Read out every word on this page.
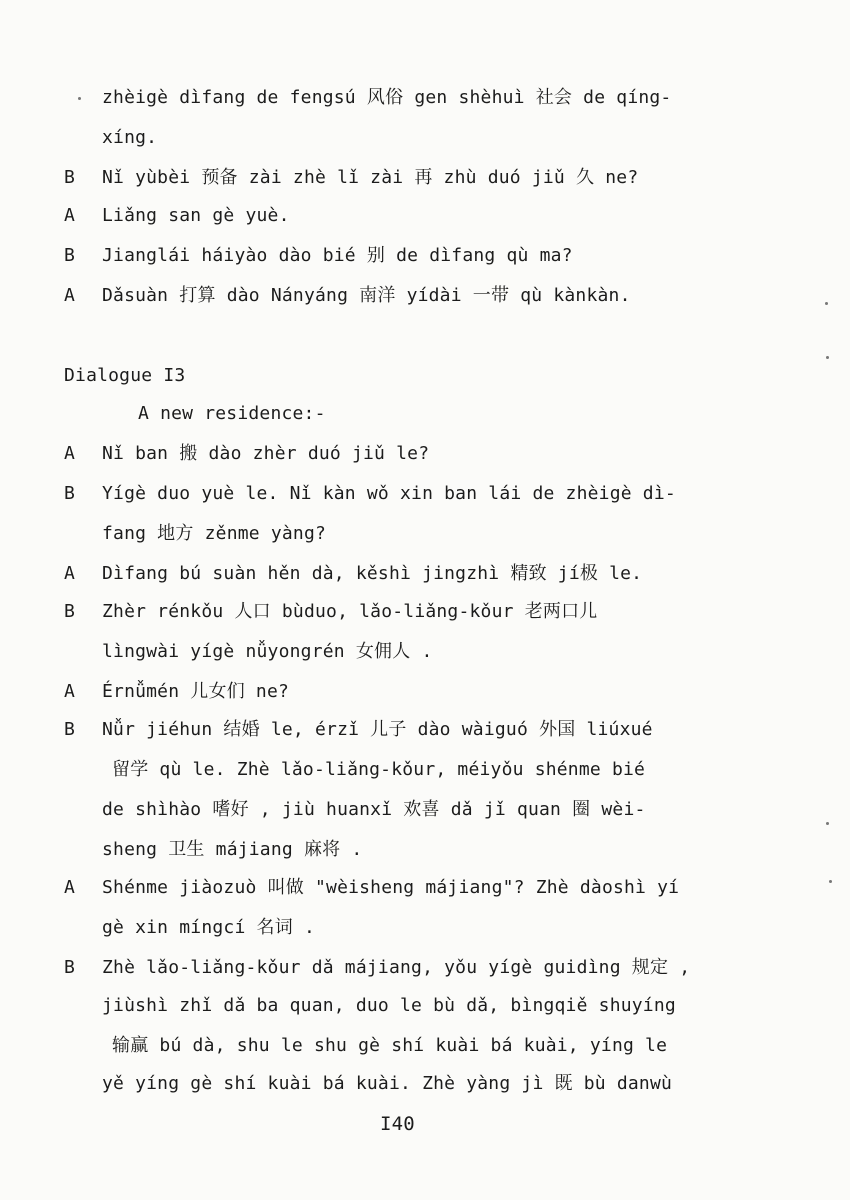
zhèigè dìfang de fengsú 风俗 gen shèhuì 社会 de qíng-
xíng.
B	Nǐ yùbèi 预备 zài zhè lǐ zài 再 zhù duó jiǔ 久 ne?
A	Liǎng san gè yuè.
B	Jianglái háiyào dào bié 别 de dìfang qù ma?
A	Dǎsuàn 打算 dào Nányáng 南洋 yídài 一带 qù kànkàn.
Dialogue I3
A new residence:-
A	Nǐ ban 搬 dào zhèr duó jiǔ le?
B	Yígè duo yuè le. Nǐ kàn wǒ xin ban lái de zhèigè dì-
fang 地方 zěnme yàng?
A	Dìfang bú suàn hěn dà, kěshì jingzhì 精致 jí极 le.
B	Zhèr rénkǒu 人口 bùduo, lǎo-liǎng-kǒur 老两口儿
lìngwài yígè nǚyongrén 女佣人 .
A	Érnǚmén 儿女们 ne?
B	Nǚr jiéhun 结婚 le, érzǐ 儿子 dào wàiguó 外国 liúxué
留学 qù le. Zhè lǎo-liǎng-kǒur, méiyǒu shénme bié
de shìhào 嗜好 , jiù huanxǐ 欢喜 dǎ jǐ quan 圈 wèi-
sheng 卫生 májiang 麻将 .
A	Shénme jiàozuò 叫做 "wèisheng májiang"? Zhè dàoshì yí
gè xin míngcí 名词 .
B	Zhè lǎo-liǎng-kǒur dǎ májiang, yǒu yígè guidìng 规定 ,
jiùshì zhǐ dǎ ba quan, duo le bù dǎ, bìngqiě shuyíng
输赢 bú dà, shu le shu gè shí kuài bá kuài, yíng le
yě yíng gè shí kuài bá kuài. Zhè yàng jì 既 bù danwù
I40
